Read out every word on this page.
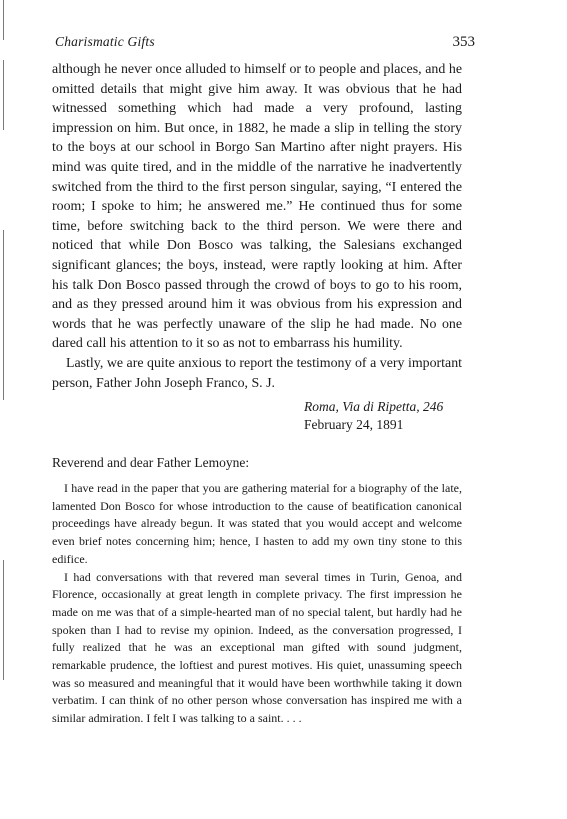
Charismatic Gifts	353

although he never once alluded to himself or to people and places, and he omitted details that might give him away. It was obvious that he had witnessed something which had made a very profound, lasting impression on him. But once, in 1882, he made a slip in telling the story to the boys at our school in Borgo San Martino after night prayers. His mind was quite tired, and in the middle of the narrative he inadvertently switched from the third to the first person singular, saying, “I entered the room; I spoke to him; he answered me.” He continued thus for some time, before switching back to the third person. We were there and noticed that while Don Bosco was talking, the Salesians exchanged significant glances; the boys, instead, were raptly looking at him. After his talk Don Bosco passed through the crowd of boys to go to his room, and as they pressed around him it was obvious from his expression and words that he was perfectly unaware of the slip he had made. No one dared call his attention to it so as not to embarrass his humility.

Lastly, we are quite anxious to report the testimony of a very important person, Father John Joseph Franco, S. J.

Roma, Via di Ripetta, 246
February 24, 1891
Reverend and dear Father Lemoyne:

I have read in the paper that you are gathering material for a biography of the late, lamented Don Bosco for whose introduction to the cause of beatification canonical proceedings have already begun. It was stated that you would accept and welcome even brief notes concerning him; hence, I hasten to add my own tiny stone to this edifice.

I had conversations with that revered man several times in Turin, Genoa, and Florence, occasionally at great length in complete privacy. The first impression he made on me was that of a simple-hearted man of no special talent, but hardly had he spoken than I had to revise my opinion. Indeed, as the conversation progressed, I fully realized that he was an exceptional man gifted with sound judgment, remarkable prudence, the loftiest and purest motives. His quiet, unassuming speech was so measured and meaningful that it would have been worthwhile taking it down verbatim. I can think of no other person whose conversation has inspired me with a similar admiration. I felt I was talking to a saint. . . .
